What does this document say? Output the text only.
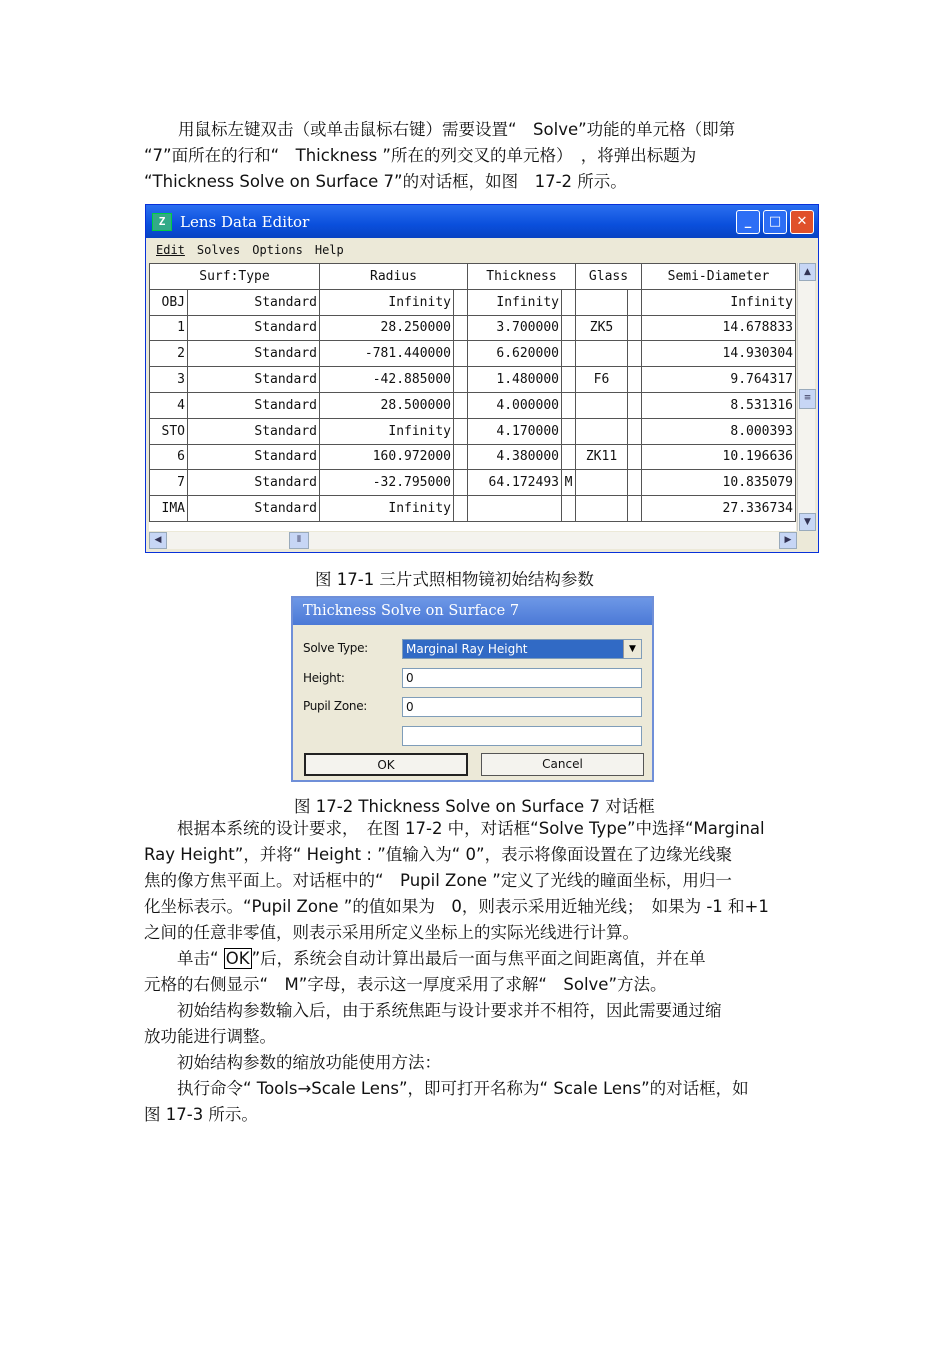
用鼠标左键双击（或单击鼠标右键）需要设置“　Solve”功能的单元格（即第
“7”面所在的行和“　Thickness ”所在的列交叉的单元格）　，将弹出标题为
“Thickness Solve on Surface 7”的对话框，如图　17-2 所示。
Z Lens Data Editor	_	□	✕
Edit Solves Options Help
Surf:Type		Radius		Thickness		Glass		Semi-Diameter
OBJ	Standard	Infinity		Infinity				Infinity
1	Standard	28.250000		3.700000		ZK5		14.678833
2	Standard	-781.440000		6.620000				14.930304
3	Standard	-42.885000		1.480000		F6		9.764317
4	Standard	28.500000		4.000000				8.531316
STO	Standard	Infinity		4.170000				8.000393
6	Standard	160.972000		4.380000		ZK11		10.196636
7	Standard	-32.795000		64.172493	M			10.835079
IMA	Standard	Infinity						27.336734
▲
≡
▼
◀	⦀	▶
图 17-1 三片式照相物镜初始结构参数
Thickness Solve on Surface 7
Solve Type:	Marginal Ray Height	▼
Height:	0
Pupil Zone:	0
OK	Cancel
图 17-2 Thickness Solve on Surface 7 对话框
　　根据本系统的设计要求，　在图 17-2 中，对话框“Solve Type”中选择“Marginal
Ray Height”，并将“ Height : ”值输入为“ 0”，表示将像面设置在了边缘光线聚
焦的像方焦平面上。对话框中的“　Pupil Zone ”定义了光线的瞳面坐标，用归一
化坐标表示。“Pupil Zone ”的值如果为　0，则表示采用近轴光线；　如果为 -1 和+1
之间的任意非零值，则表示采用所定义坐标上的实际光线进行计算。
　　单击“ OK ”后，系统会自动计算出最后一面与焦平面之间距离值，并在单
元格的右侧显示“　M”字母，表示这一厚度采用了求解“　Solve”方法。
　　初始结构参数输入后，由于系统焦距与设计要求并不相符，因此需要通过缩
放功能进行调整。
　　初始结构参数的缩放功能使用方法：
　　执行命令“ Tools→Scale Lens”，即可打开名称为“ Scale Lens”的对话框，如
图 17-3 所示。
